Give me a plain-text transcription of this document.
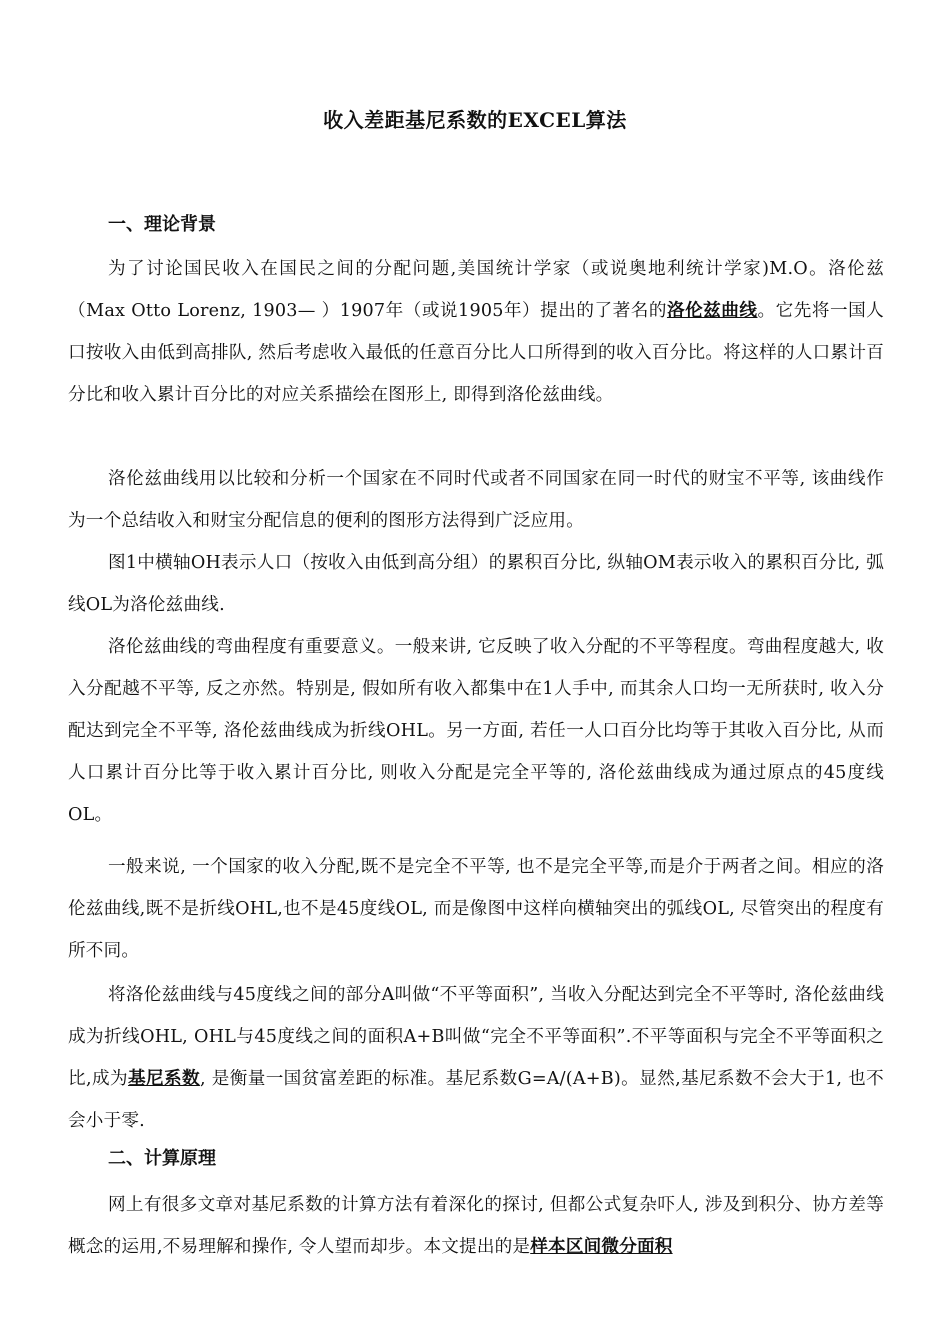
收入差距基尼系数的EXCEL算法
一、理论背景

为了讨论国民收入在国民之间的分配问题,美国统计学家（或说奥地利统计学家)M.O。洛伦兹（Max Otto Lorenz, 1903— ）1907年（或说1905年）提出的了著名的洛伦兹曲线。它先将一国人口按收入由低到高排队, 然后考虑收入最低的任意百分比人口所得到的收入百分比。将这样的人口累计百分比和收入累计百分比的对应关系描绘在图形上, 即得到洛伦兹曲线。

洛伦兹曲线用以比较和分析一个国家在不同时代或者不同国家在同一时代的财宝不平等, 该曲线作为一个总结收入和财宝分配信息的便利的图形方法得到广泛应用。

图1中横轴OH表示人口（按收入由低到高分组）的累积百分比, 纵轴OM表示收入的累积百分比, 弧线OL为洛伦兹曲线.

洛伦兹曲线的弯曲程度有重要意义。一般来讲, 它反映了收入分配的不平等程度。弯曲程度越大, 收入分配越不平等, 反之亦然。特别是, 假如所有收入都集中在1人手中, 而其余人口均一无所获时, 收入分配达到完全不平等, 洛伦兹曲线成为折线OHL。另一方面, 若任一人口百分比均等于其收入百分比, 从而人口累计百分比等于收入累计百分比, 则收入分配是完全平等的, 洛伦兹曲线成为通过原点的45度线OL。

一般来说, 一个国家的收入分配,既不是完全不平等, 也不是完全平等,而是介于两者之间。相应的洛伦兹曲线,既不是折线OHL,也不是45度线OL, 而是像图中这样向横轴突出的弧线OL, 尽管突出的程度有所不同。

将洛伦兹曲线与45度线之间的部分A叫做“不平等面积”, 当收入分配达到完全不平等时, 洛伦兹曲线成为折线OHL, OHL与45度线之间的面积A+B叫做“完全不平等面积”.不平等面积与完全不平等面积之比,成为基尼系数, 是衡量一国贫富差距的标准。基尼系数G=A/(A+B)。显然,基尼系数不会大于1, 也不会小于零.

二、计算原理

网上有很多文章对基尼系数的计算方法有着深化的探讨, 但都公式复杂吓人, 涉及到积分、协方差等概念的运用,不易理解和操作, 令人望而却步。本文提出的是样本区间微分面积
